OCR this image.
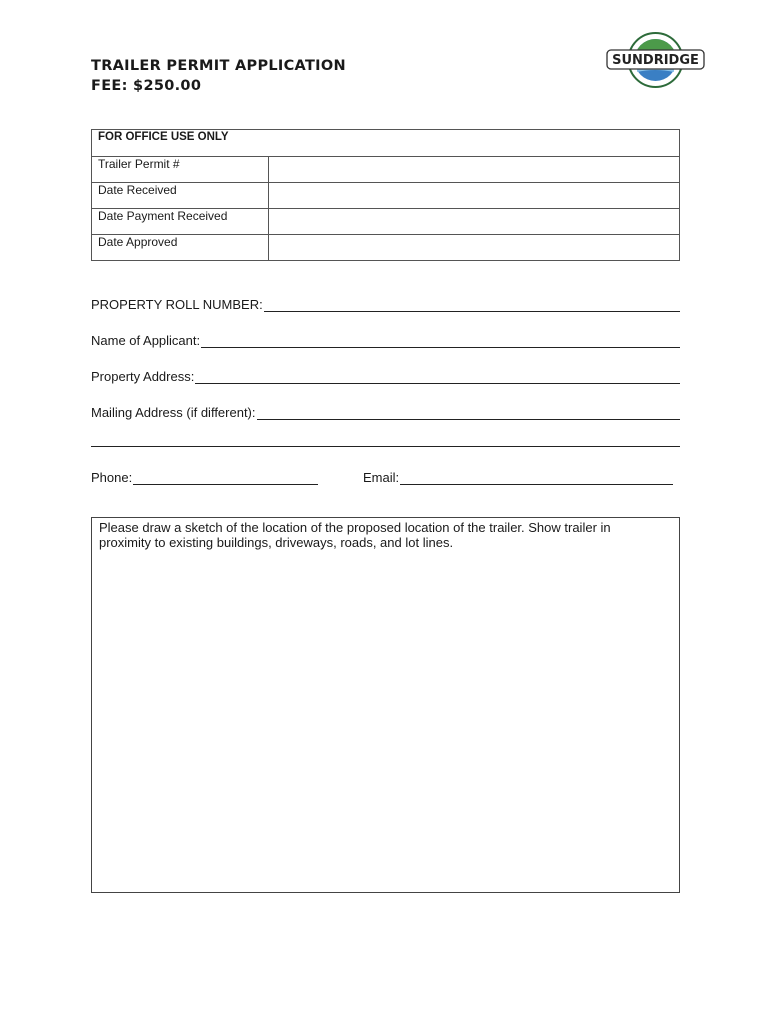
TRAILER PERMIT APPLICATION

FEE: $250.00

SUNDRIDGE
FOR OFFICE USE ONLY	
Trailer Permit #	
Date Received	
Date Payment Received	
Date Approved	
PROPERTY ROLL NUMBER:
Name of Applicant:
Property Address:
Mailing Address (if different):
Phone:	Email:

Please draw a sketch of the location of the proposed location of the trailer. Show trailer in proximity to existing buildings, driveways, roads, and lot lines.
